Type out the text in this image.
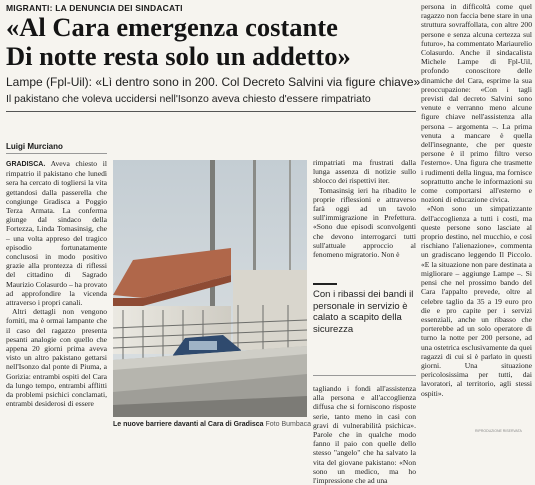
MIGRANTI: LA DENUNCIA DEI SINDACATI
«Al Cara emergenza costante
Di notte resta solo un addetto»
Lampe (Fpl-Uil): «Lì dentro sono in 200. Col Decreto Salvini via figure chiave»
Il pakistano che voleva uccidersi nell'Isonzo aveva chiesto d'essere rimpatriato
Luigi Murciano

GRADISCA. Aveva chiesto il rimpatrio il pakistano che lunedì sera ha cercato di togliersi la vita gettandosi dalla passerella che congiunge Gradisca a Poggio Terza Armata. La conferma giunge dal sindaco della Fortezza, Linda Tomasinsig, che – una volta appreso del tragico episodio fortunatamente conclusosi in modo positivo grazie alla prontezza di riflessi del cittadino di Sagrado Maurizio Colasurdo – ha provato ad approfondire la vicenda attraverso i propri canali.

Altri dettagli non vengono forniti, ma è ormai lampante che il caso del ragazzo presenta pesanti analogie con quello che appena 20 giorni prima aveva visto un altro pakistano gettarsi nell'Isonzo dal ponte di Piuma, a Gorizia: entrambi ospiti del Cara da lungo tempo, entrambi afflitti da problemi psichici conclamati, entrambi desiderosi di essere

Le nuove barriere davanti al Cara di Gradisca Foto Bumbaca

rimpatriati ma frustrati dalla lunga assenza di notizie sullo sblocco dei rispettivi iter.

Tomasinsig ieri ha ribadito le proprie riflessioni e attraverso farà oggi ad un tavolo sull'immigrazione in Prefettura. «Sono due episodi sconvolgenti che devono interrogarci tutti sull'attuale approccio al fenomeno migratorio. Non è

Con i ribassi dei bandi il personale in servizio è calato a scapito della sicurezza

tagliando i fondi all'assistenza alla persona e all'accoglienza diffusa che si forniscono risposte serie, tanto meno in casi con gravi di vulnerabilità psichica». Parole che in qualche modo fanno il paio con quelle dello stesso "angelo" che ha salvato la vita del giovane pakistano: «Non sono un medico, ma ho l'impressione che ad una

persona in difficoltà come quel ragazzo non faccia bene stare in una struttura sovraffollata, con altre 200 persone e senza alcuna certezza sul futuro», ha commentato Mariaurelio Colasurdo. Anche il sindacalista Michele Lampe di Fpl-Uil, profondo conoscitore delle dinamiche del Cara, esprime la sua preoccupazione: «Con i tagli previsti dal decreto Salvini sono venute e verranno meno alcune figure chiave nell'assistenza alla persona – argomenta –. La prima venuta a mancare è quella dell'insegnante, che per queste persone è il primo filtro verso l'esterno». Una figura che trasmette i rudimenti della lingua, ma fornisce soprattutto anche le informazioni su come comportarsi all'esterno e nozioni di educazione civica.

«Non sono un simpatizzante dell'accoglienza a tutti i costi, ma queste persone sono lasciate al proprio destino, nel mucchio, e così rischiano l'alienazione», commenta un gradiscano leggendo Il Piccolo. «E la situazione non pare destinata a migliorare – aggiunge Lampe –. Si pensi che nel prossimo bando del Cara l'appalto prevede, oltre al celebre taglio da 35 a 19 euro pro die e pro capite per i servizi essenziali, anche un ribasso che porterebbe ad un solo operatore di turno la notte per 200 persone, ad una ostetrica esclusivamente da quei ragazzi di cui sì è parlato in questi giorni. Una situazione pericolosissima per tutti, dai lavoratori, al territorio, agli stessi ospiti».

RIPRODUZIONE RISERVATA
